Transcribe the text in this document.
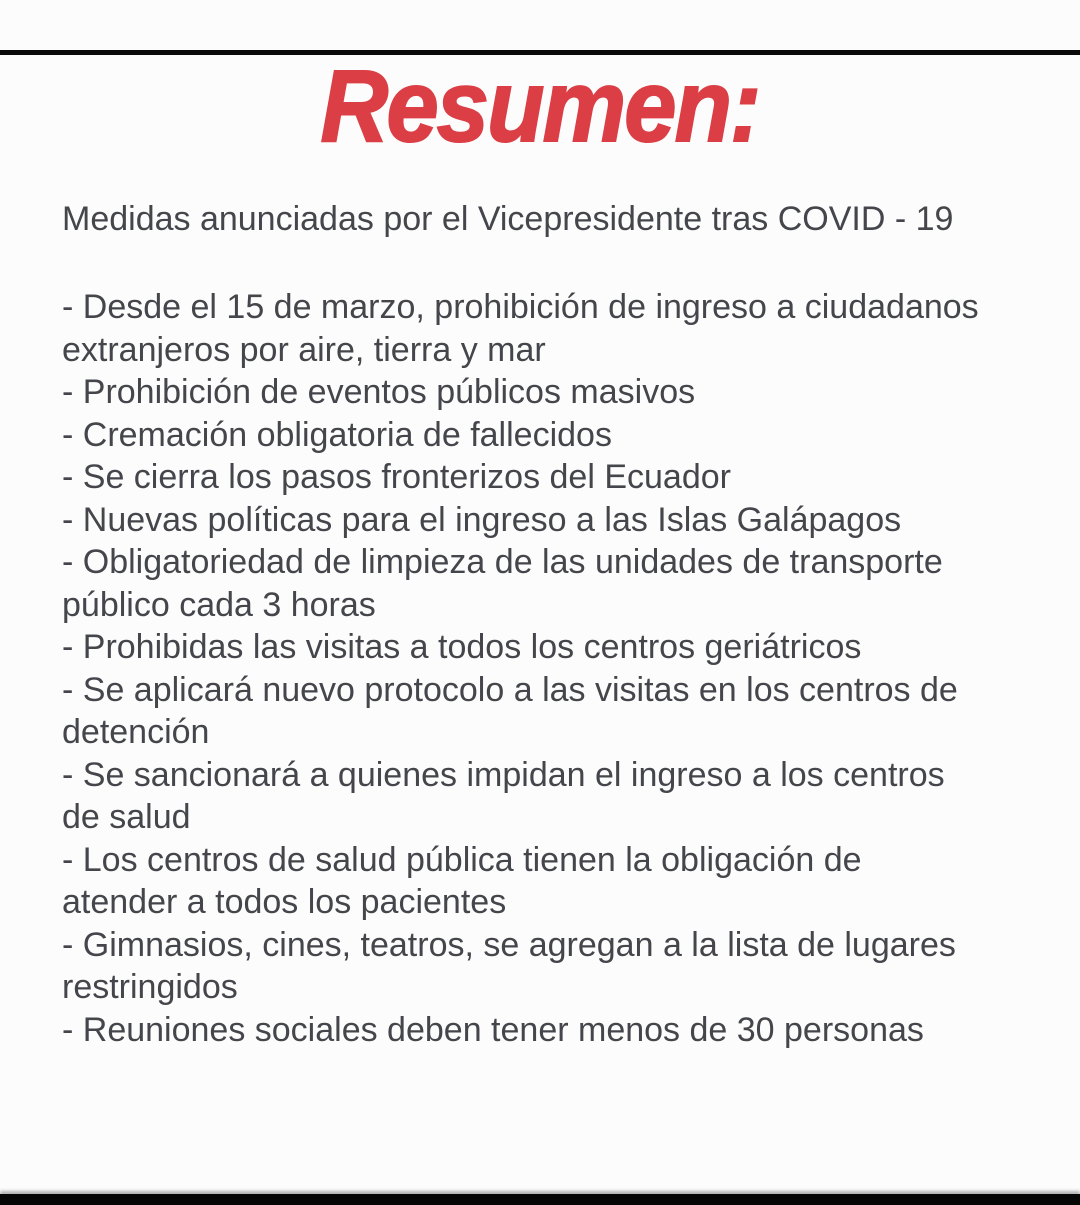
Resumen:

Medidas anunciadas por el Vicepresidente tras COVID - 19

- Desde el 15 de marzo, prohibición de ingreso a ciudadanos extranjeros por aire, tierra y mar
- Prohibición de eventos públicos masivos
- Cremación obligatoria de fallecidos
- Se cierra los pasos fronterizos del Ecuador
- Nuevas políticas para el ingreso a las Islas Galápagos
- Obligatoriedad de limpieza de las unidades de transporte público cada 3 horas
- Prohibidas las visitas a todos los centros geriátricos
- Se aplicará nuevo protocolo a las visitas en los centros de detención
- Se sancionará a quienes impidan el ingreso a los centros de salud
- Los centros de salud pública tienen la obligación de atender a todos los pacientes
- Gimnasios, cines, teatros, se agregan a la lista de lugares restringidos
- Reuniones sociales deben tener menos de 30 personas
